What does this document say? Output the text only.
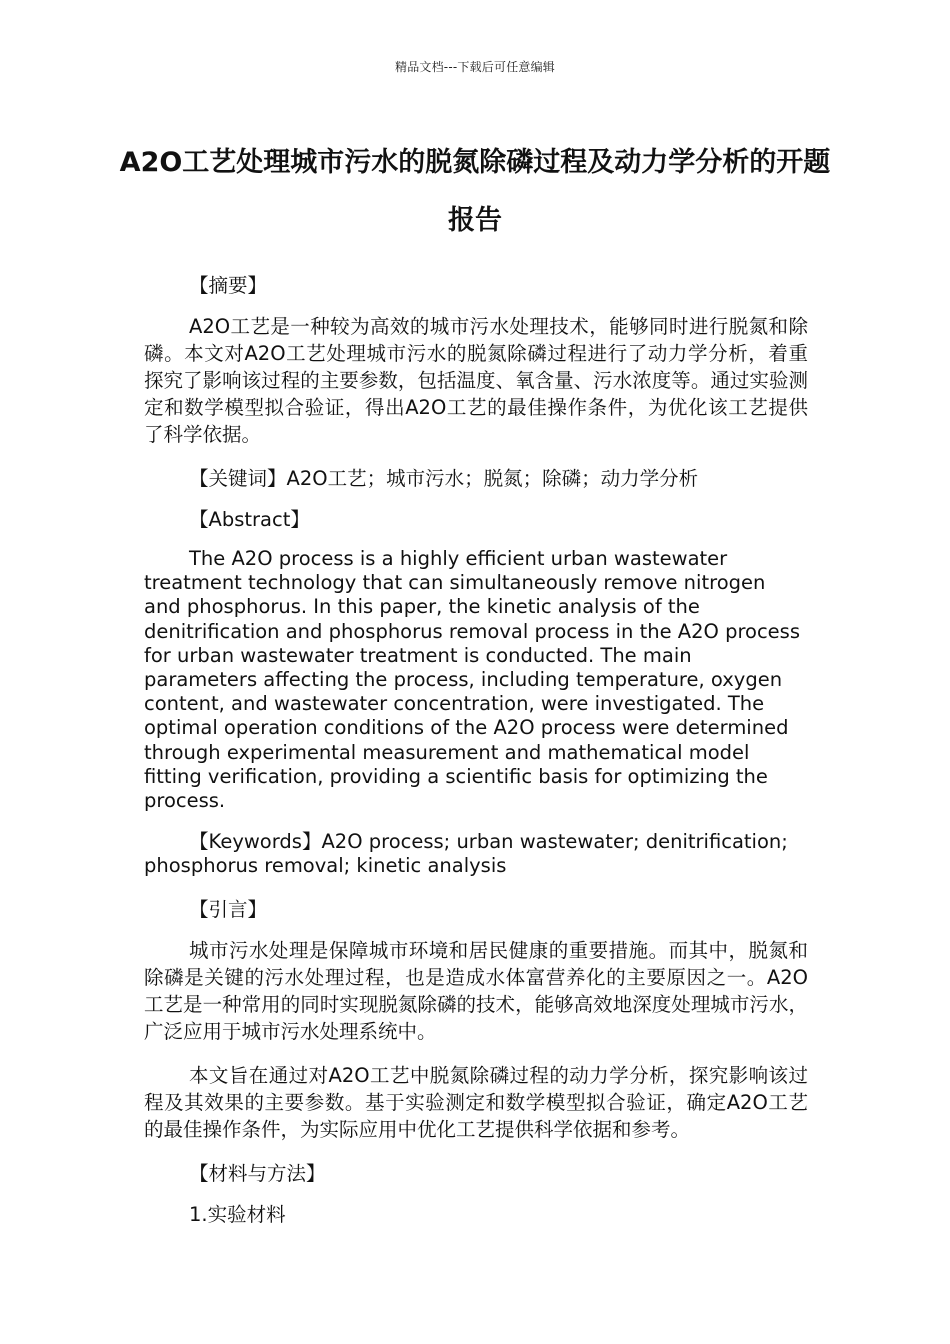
精品文档---下载后可任意编辑
A2O工艺处理城市污水的脱氮除磷过程及动力学分析的开题报告
【摘要】

A2O工艺是一种较为高效的城市污水处理技术，能够同时进行脱氮和除磷。本文对A2O工艺处理城市污水的脱氮除磷过程进行了动力学分析，着重探究了影响该过程的主要参数，包括温度、氧含量、污水浓度等。通过实验测定和数学模型拟合验证，得出A2O工艺的最佳操作条件，为优化该工艺提供了科学依据。

【关键词】A2O工艺；城市污水；脱氮；除磷；动力学分析
【Abstract】

The A2O process is a highly efficient urban wastewater treatment technology that can simultaneously remove nitrogen and phosphorus. In this paper, the kinetic analysis of the denitrification and phosphorus removal process in the A2O process for urban wastewater treatment is conducted. The main parameters affecting the process, including temperature, oxygen content, and wastewater concentration, were investigated. The optimal operation conditions of the A2O process were determined through experimental measurement and mathematical model fitting verification, providing a scientific basis for optimizing the process.

【Keywords】A2O process; urban wastewater; denitrification; phosphorus removal; kinetic analysis

【引言】

城市污水处理是保障城市环境和居民健康的重要措施。而其中，脱氮和除磷是关键的污水处理过程，也是造成水体富营养化的主要原因之一。A2O工艺是一种常用的同时实现脱氮除磷的技术，能够高效地深度处理城市污水，广泛应用于城市污水处理系统中。

本文旨在通过对A2O工艺中脱氮除磷过程的动力学分析，探究影响该过程及其效果的主要参数。基于实验测定和数学模型拟合验证，确定A2O工艺的最佳操作条件，为实际应用中优化工艺提供科学依据和参考。

【材料与方法】
1.实验材料
